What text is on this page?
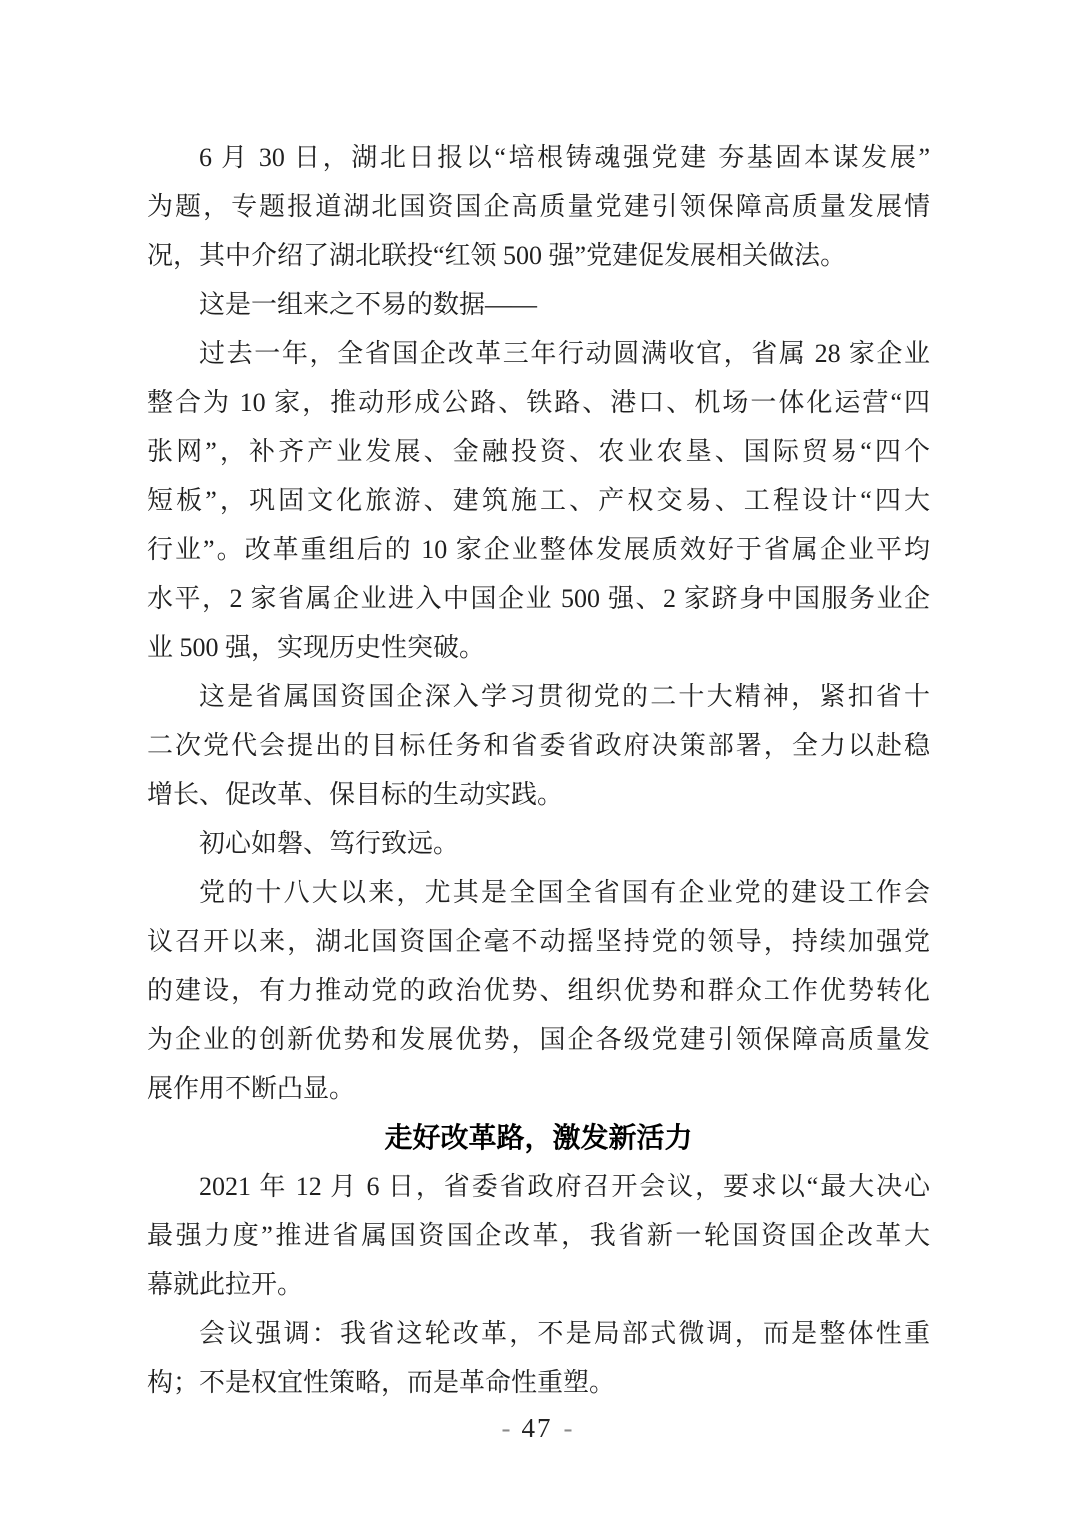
6 月 30 日，湖北日报以“培根铸魂强党建 夯基固本谋发展”
为题，专题报道湖北国资国企高质量党建引领保障高质量发展情
况，其中介绍了湖北联投“红领 500 强”党建促发展相关做法。
这是一组来之不易的数据——
过去一年，全省国企改革三年行动圆满收官，省属 28 家企业
整合为 10 家，推动形成公路、铁路、港口、机场一体化运营“四
张网”，补齐产业发展、金融投资、农业农垦、国际贸易“四个
短板”，巩固文化旅游、建筑施工、产权交易、工程设计“四大
行业”。改革重组后的 10 家企业整体发展质效好于省属企业平均
水平，2 家省属企业进入中国企业 500 强、2 家跻身中国服务业企
业 500 强，实现历史性突破。
这是省属国资国企深入学习贯彻党的二十大精神，紧扣省十
二次党代会提出的目标任务和省委省政府决策部署，全力以赴稳
增长、促改革、保目标的生动实践。
初心如磐、笃行致远。
党的十八大以来，尤其是全国全省国有企业党的建设工作会
议召开以来，湖北国资国企毫不动摇坚持党的领导，持续加强党
的建设，有力推动党的政治优势、组织优势和群众工作优势转化
为企业的创新优势和发展优势，国企各级党建引领保障高质量发
展作用不断凸显。
走好改革路，激发新活力
2021 年 12 月 6 日，省委省政府召开会议，要求以“最大决心
最强力度”推进省属国资国企改革，我省新一轮国资国企改革大
幕就此拉开。
会议强调：我省这轮改革，不是局部式微调，而是整体性重
构；不是权宜性策略，而是革命性重塑。
- 47 -
